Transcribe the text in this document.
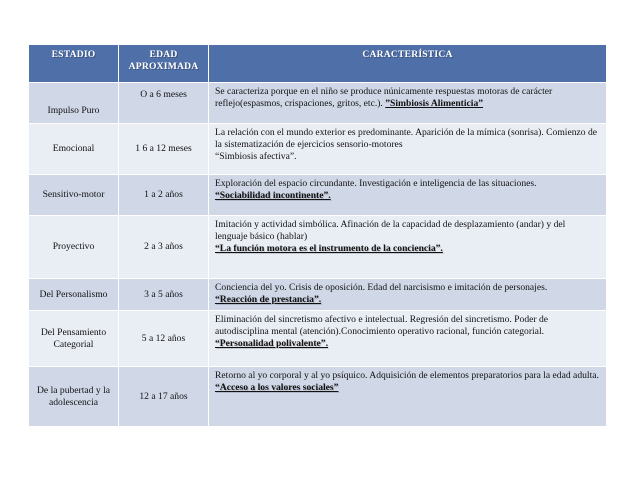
ESTADIO	EDAD APROXIMADA	CARACTERÍSTICA
Impulso Puro	O a 6 meses	Se caracteriza porque en el niño se produce núnicamente respuestas motoras de carácter reflejo(espasmos, crispaciones, gritos, etc.). ”Simbiosis Alimenticia”
Emocional	1 6 a 12 meses	La relación con el mundo exterior es predominante. Aparición de la mímica (sonrisa). Comienzo de la sistematización de ejercicios sensorio-motores
“Simbiosis afectiva”.

Sensitivo-motor	1 a 2 años	Exploración del espacio circundante. Investigación e inteligencia de las situaciones.
“Sociabilidad incontinente”.

Proyectivo	2 a 3 años	Imitación y actividad simbólica. Afinación de la capacidad de desplazamiento (andar) y del lenguaje básico (hablar)
“La función motora es el instrumento de la conciencia”.

Del Personalismo	3 a 5 años	Conciencia del yo. Crisis de oposición. Edad del narcisismo e imitación de personajes.
“Reacción de prestancia”.

Del Pensamiento Categorial	5 a 12 años	Eliminación del sincretismo afectivo e intelectual. Regresión del sincretismo. Poder de autodisciplina mental (atención).Conocimiento operativo racional, función categorial.
“Personalidad polivalente”.

De la pubertad y la adolescencia	12 a 17 años	Retorno al yo corporal y al yo psíquico. Adquisición de elementos preparatorios para la edad adulta.
“Acceso a los valores sociales”
